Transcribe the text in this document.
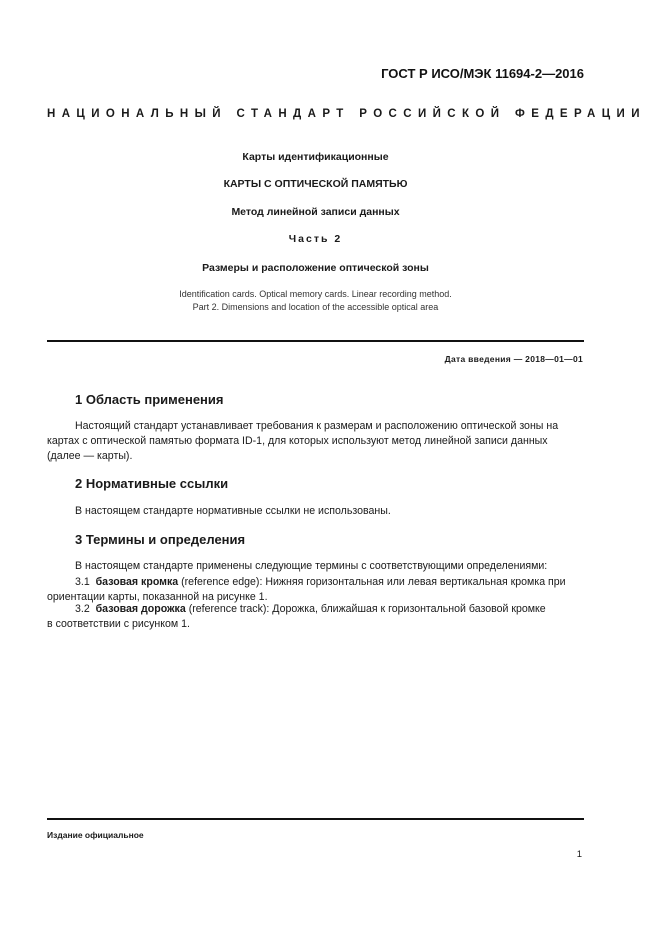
ГОСТ Р ИСО/МЭК 11694-2—2016
НАЦИОНАЛЬНЫЙ СТАНДАРТ РОССИЙСКОЙ ФЕДЕРАЦИИ
Карты идентификационные
КАРТЫ С ОПТИЧЕСКОЙ ПАМЯТЬЮ
Метод линейной записи данных
Часть 2
Размеры и расположение оптической зоны
Identification cards. Optical memory cards. Linear recording method.
Part 2. Dimensions and location of the accessible optical area
Дата введения — 2018—01—01
1 Область применения
Настоящий стандарт устанавливает требования к размерам и расположению оптической зоны на
картах с оптической памятью формата ID-1, для которых используют метод линейной записи данных
(далее — карты).
2 Нормативные ссылки
В настоящем стандарте нормативные ссылки не использованы.
3 Термины и определения
В настоящем стандарте применены следующие термины с соответствующими определениями:
3.1 базовая кромка (reference edge): Нижняя горизонтальная или левая вертикальная кромка при
ориентации карты, показанной на рисунке 1.
3.2 базовая дорожка (reference track): Дорожка, ближайшая к горизонтальной базовой кромке
в соответствии с рисунком 1.
Издание официальное
1
